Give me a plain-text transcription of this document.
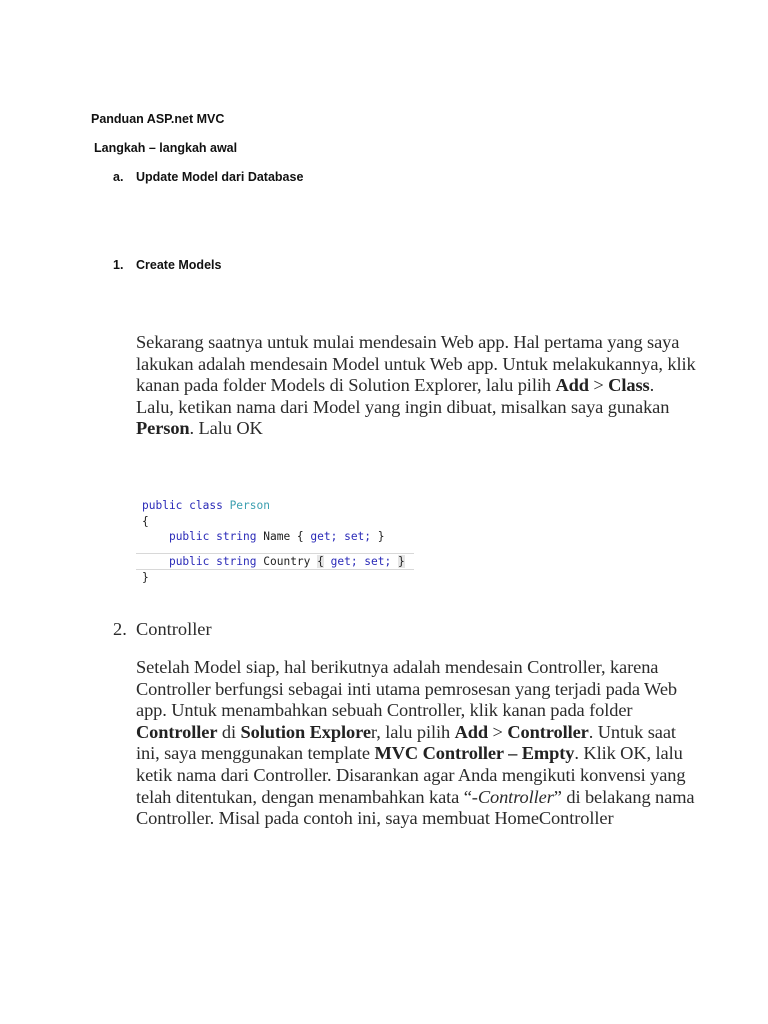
Panduan ASP.net MVC
Langkah – langkah awal
a.	Update Model dari Database
1.	Create Models
Sekarang saatnya untuk mulai mendesain Web app. Hal pertama yang saya lakukan adalah mendesain Model untuk Web app. Untuk melakukannya, klik kanan pada folder Models di Solution Explorer, lalu pilih Add > Class. Lalu, ketikan nama dari Model yang ingin dibuat, misalkan saya gunakan Person. Lalu OK
public class Person
{
public string Name { get; set; }
public string Country { get; set; }
}
2. Controller
Setelah Model siap, hal berikutnya adalah mendesain Controller, karena Controller berfungsi sebagai inti utama pemrosesan yang terjadi pada Web app. Untuk menambahkan sebuah Controller, klik kanan pada folder Controller di Solution Explorer, lalu pilih Add > Controller. Untuk saat ini, saya menggunakan template MVC Controller – Empty. Klik OK, lalu ketik nama dari Controller. Disarankan agar Anda mengikuti konvensi yang telah ditentukan, dengan menambahkan kata “-Controller” di belakang nama Controller. Misal pada contoh ini, saya membuat HomeController
